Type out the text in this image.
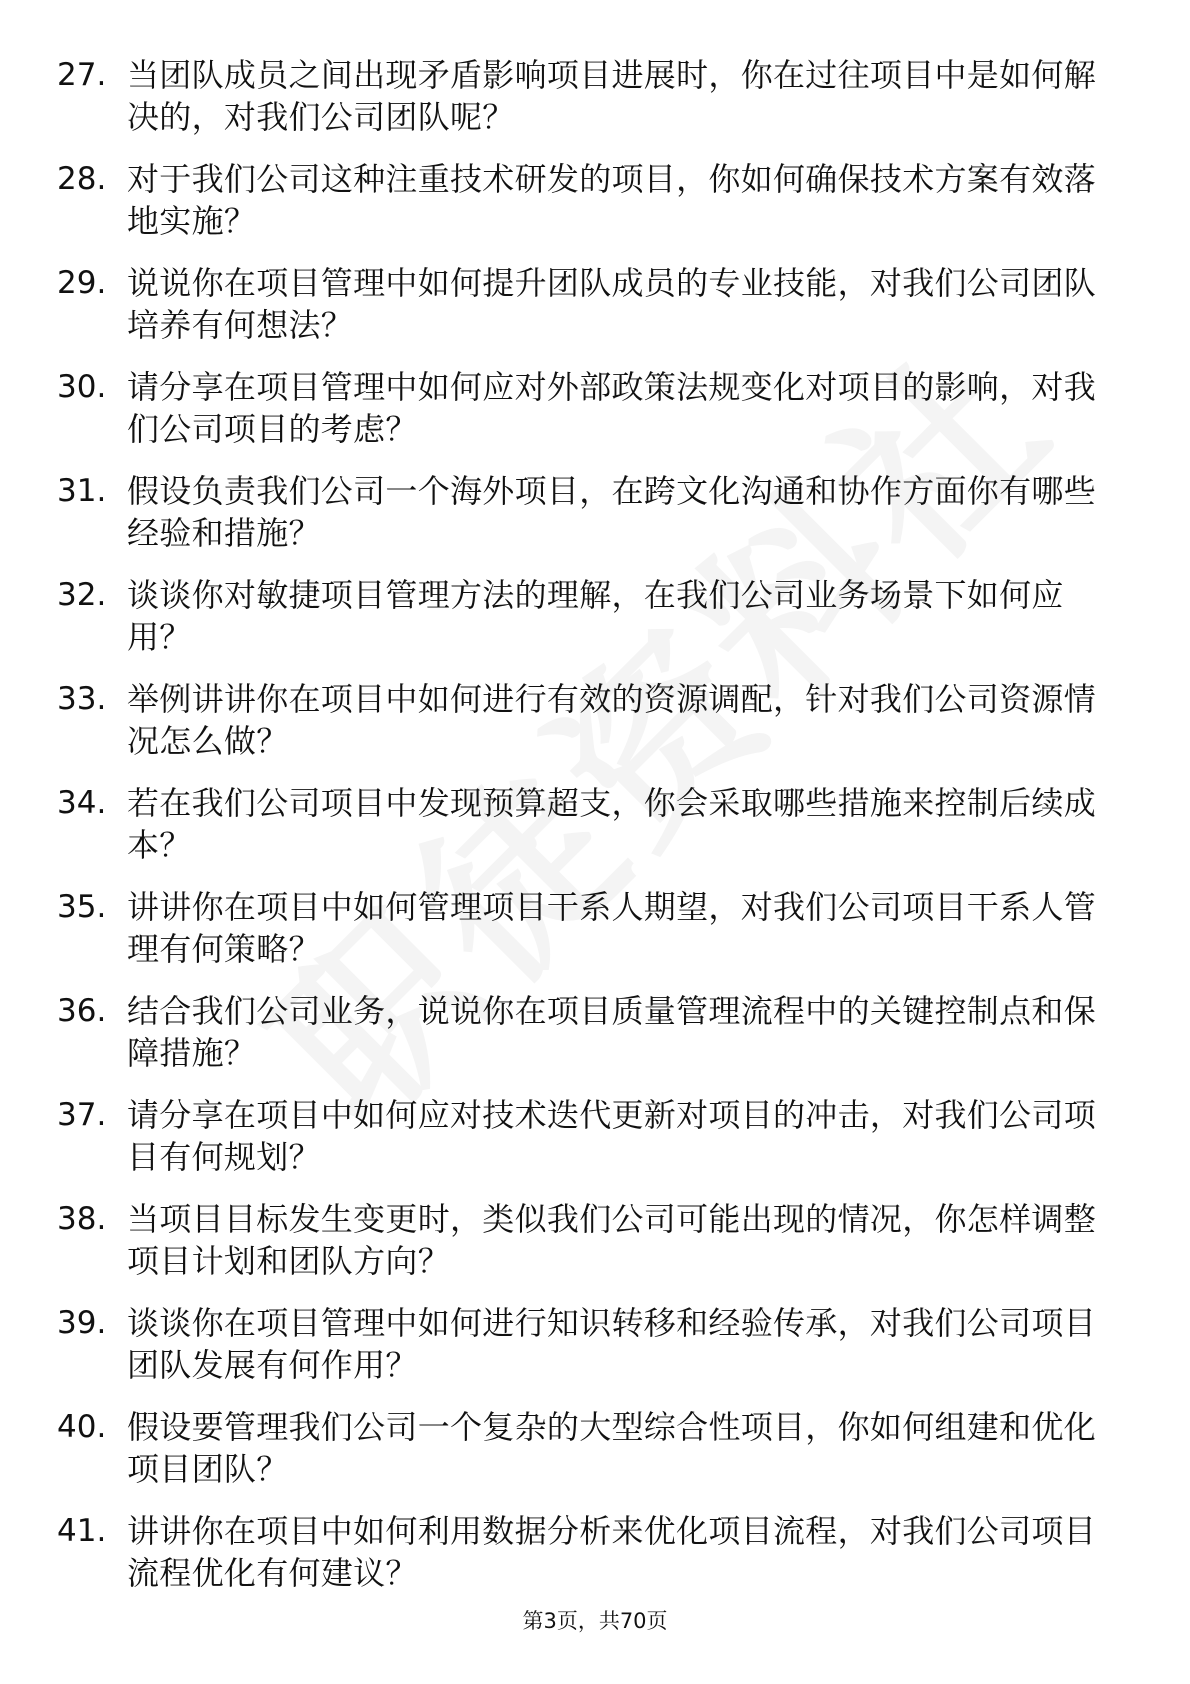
27. 当团队成员之间出现矛盾影响项目进展时，你在过往项目中是如何解决的，对我们公司团队呢？
28. 对于我们公司这种注重技术研发的项目，你如何确保技术方案有效落地实施？
29. 说说你在项目管理中如何提升团队成员的专业技能，对我们公司团队培养有何想法？
30. 请分享在项目管理中如何应对外部政策法规变化对项目的影响，对我们公司项目的考虑？
31. 假设负责我们公司一个海外项目，在跨文化沟通和协作方面你有哪些经验和措施？
32. 谈谈你对敏捷项目管理方法的理解，在我们公司业务场景下如何应用？
33. 举例讲讲你在项目中如何进行有效的资源调配，针对我们公司资源情况怎么做？
34. 若在我们公司项目中发现预算超支，你会采取哪些措施来控制后续成本？
35. 讲讲你在项目中如何管理项目干系人期望，对我们公司项目干系人管理有何策略？
36. 结合我们公司业务，说说你在项目质量管理流程中的关键控制点和保障措施？
37. 请分享在项目中如何应对技术迭代更新对项目的冲击，对我们公司项目有何规划？
38. 当项目目标发生变更时，类似我们公司可能出现的情况，你怎样调整项目计划和团队方向？
39. 谈谈你在项目管理中如何进行知识转移和经验传承，对我们公司项目团队发展有何作用？
40. 假设要管理我们公司一个复杂的大型综合性项目，你如何组建和优化项目团队？
41. 讲讲你在项目中如何利用数据分析来优化项目流程，对我们公司项目流程优化有何建议？
第3页，共70页
